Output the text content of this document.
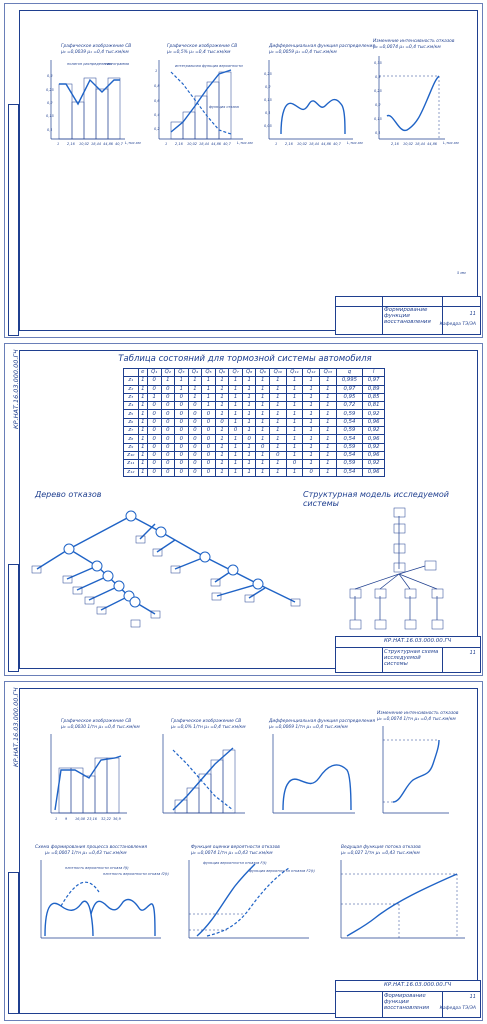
Графическое изображение СВ
μ₀ =0,0039 μ₁ =0,4 тыс.км/км
полигон распределения
гистограмма
0,3
0,25
0,2
0,15
0,1
1 2,16 10,02 18,44 44,86 40,7 L,тыс.км
Графическое изображение СВ
μ₀ =0,5% μ₁ =0,4 тыс.км/км
интегральная функция вероятности
функция отказа
1
0,8
0,6
0,4
0,2
1 2,16 10,02 18,44 44,86 40,7 L,тыс.км
Дифференциальная функция распределения
μ₀ =0,0059 μ₁ =0,4 тыс.км/км
0,25
0,2
0,15
0,1
0,05
1 2,16 10,02 18,44 44,86 40,7 L,тыс.км
Изменение интенсивность отказов
μ₀ =0,0074 μ₁ =0,4 тыс.км/км
0,35
0,3
0,25
0,2
0,15
0,1
2,16 10,02 18,44 44,86 L,тыс.км
5 мм
Формирование функции восстановления
11
Кафедра ТЭ/ЭА
КР.НАТ.16.03.000.00.ГЧ	Таблица состояний для тормозной системы автомобиля
	e	Q₁	Q₂	Q₃	Q₄	Q₅	Q₆	Q₇	Q₈	Q₉	Q₁₀	Q₁₁	Q₁₂	Q₁₃	q	l
z₁	1	0	1	1	1	1	1	1	1	1	1	1	1	1	0,995	0,97
z₂	1	0	0	1	1	1	1	1	1	1	1	1	1	1	0,97	0,89
z₃	1	1	0	0	1	1	1	1	1	1	1	1	1	1	0,95	0,85
z₄	1	0	0	0	0	1	1	1	1	1	1	1	1	1	0,72	0,81
z₅	1	0	0	0	0	0	1	1	1	1	1	1	1	1	0,59	0,92
z₆	1	0	0	0	0	0	0	1	1	1	1	1	1	1	0,54	0,96
z₇	1	0	0	0	0	0	1	0	1	1	1	1	1	1	0,59	0,92
z₈	1	0	0	0	0	0	1	1	0	1	1	1	1	1	0,54	0,96
z₉	1	0	0	0	0	0	1	1	1	0	1	1	1	1	0,59	0,92
z₁₀	1	0	0	0	0	0	1	1	1	1	0	1	1	1	0,54	0,96
z₁₁	1	0	0	0	0	0	1	1	1	1	1	0	1	1	0,59	0,92
z₁₂	1	0	0	0	0	0	1	1	1	1	1	1	0	1	0,54	0,96
Дерево отказов	Структурная модель исследуемой системы
КР.НАТ.16.03.000.00.ГЧ
Структурная схема исследуемой системы
11
КР.НАТ.16.03.000.00.ГЧ	Графическое изображение СВ
μ₀ =0,0030 1/тн μ₁ =0,4 тыс.км/км
1 9 16,08 23,16 32,22 36,9
Графическое изображение СВ
μ₀ =0,0% 1/тн μ₁ =0,4 тыс.км/км
Дифференциальная функция распределения
μ₀ =0,0069 1/тн μ₁ =0,4 тыс.км/км
Изменение интенсивность отказов
μ₀ =0,0074 1/тн μ₁ =0,4 тыс.км/км
Схема формирования процесса восстановления
μ₀ =0,0007 1/тн μ₁ =0,43 тыс.км/км
плотность вероятности отказа f(t)
плотность вероятности отказа f2(t)
Функция оценки вероятности отказов
μ₀ =0,0074 1/тн μ₁ =0,43 тыс.км/км
функция вероятности отказов F(t)
функция вероятности отказов F2(t)
Ведущая функция потока отказов
μ₀ =0,027 1/тн μ₁ =0,43 тыс.км/км
КР.НАТ.16.03.000.00.ГЧ
Формирование функции восстановления
11
Кафедра ТЭ/ЭА
